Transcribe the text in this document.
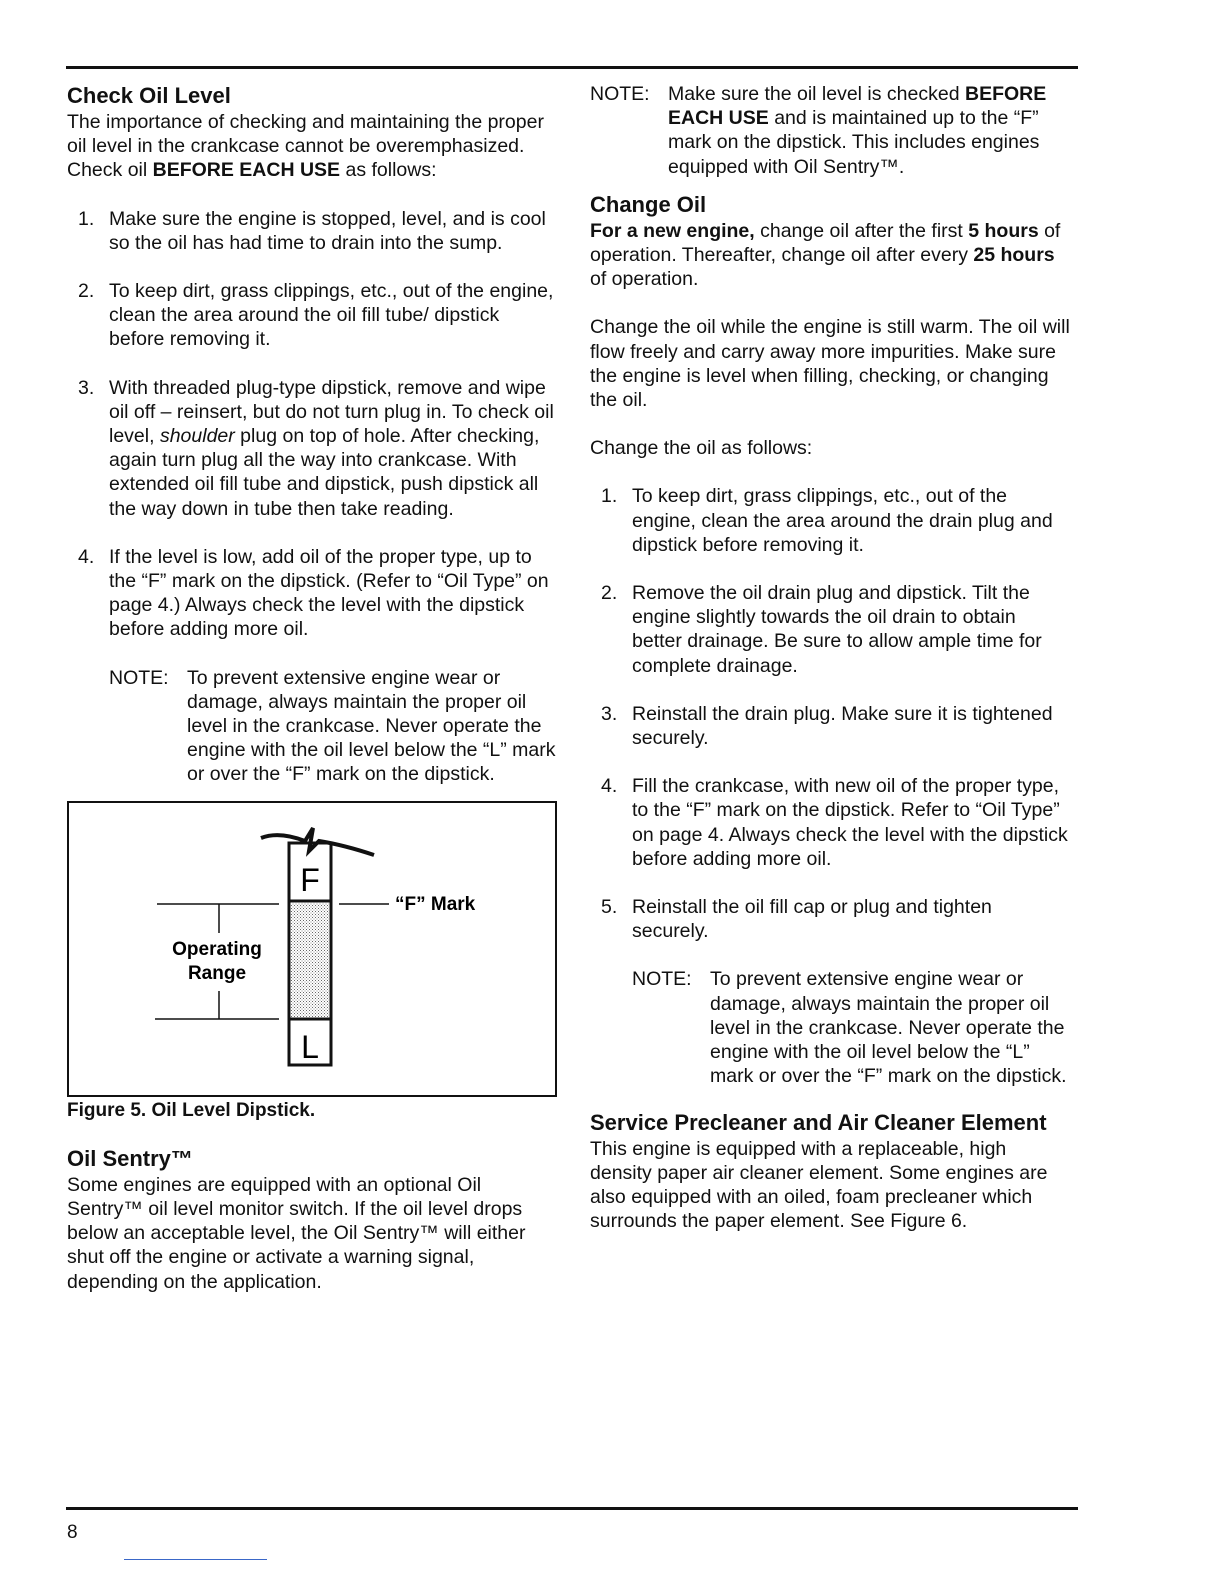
Check Oil Level

The importance of checking and maintaining the proper oil level in the crankcase cannot be overemphasized. Check oil BEFORE EACH USE as follows:

1. Make sure the engine is stopped, level, and is cool so the oil has had time to drain into the sump.
2. To keep dirt, grass clippings, etc., out of the engine, clean the area around the oil fill tube/ dipstick before removing it.
3. With threaded plug-type dipstick, remove and wipe oil off – reinsert, but do not turn plug in. To check oil level, shoulder plug on top of hole. After checking, again turn plug all the way into crankcase. With extended oil fill tube and dipstick, push dipstick all the way down in tube then take reading.
4. If the level is low, add oil of the proper type, up to the “F” mark on the dipstick. (Refer to “Oil Type” on page 4.) Always check the level with the dipstick before adding more oil.
NOTE: To prevent extensive engine wear or damage, always maintain the proper oil level in the crankcase. Never operate the engine with the oil level below the “L” mark or over the “F” mark on the dipstick.
F
L
“F” Mark
Operating
Range
Figure 5. Oil Level Dipstick.
Oil Sentry™

Some engines are equipped with an optional Oil Sentry™ oil level monitor switch. If the oil level drops below an acceptable level, the Oil Sentry™ will either shut off the engine or activate a warning signal, depending on the application.

NOTE: Make sure the oil level is checked BEFORE EACH USE and is maintained up to the “F” mark on the dipstick. This includes engines equipped with Oil Sentry™.
Change Oil

For a new engine, change oil after the first 5 hours of operation. Thereafter, change oil after every 25 hours of operation.

Change the oil while the engine is still warm. The oil will flow freely and carry away more impurities. Make sure the engine is level when filling, checking, or changing the oil.

Change the oil as follows:

1. To keep dirt, grass clippings, etc., out of the engine, clean the area around the drain plug and dipstick before removing it.
2. Remove the oil drain plug and dipstick. Tilt the engine slightly towards the oil drain to obtain better drainage. Be sure to allow ample time for complete drainage.
3. Reinstall the drain plug. Make sure it is tightened securely.
4. Fill the crankcase, with new oil of the proper type, to the “F” mark on the dipstick. Refer to “Oil Type” on page 4. Always check the level with the dipstick before adding more oil.
5. Reinstall the oil fill cap or plug and tighten securely.
NOTE: To prevent extensive engine wear or damage, always maintain the proper oil level in the crankcase. Never operate the engine with the oil level below the “L” mark or over the “F” mark on the dipstick.
Service Precleaner and Air Cleaner Element

This engine is equipped with a replaceable, high density paper air cleaner element. Some engines are also equipped with an oiled, foam precleaner which surrounds the paper element. See Figure 6.

8
